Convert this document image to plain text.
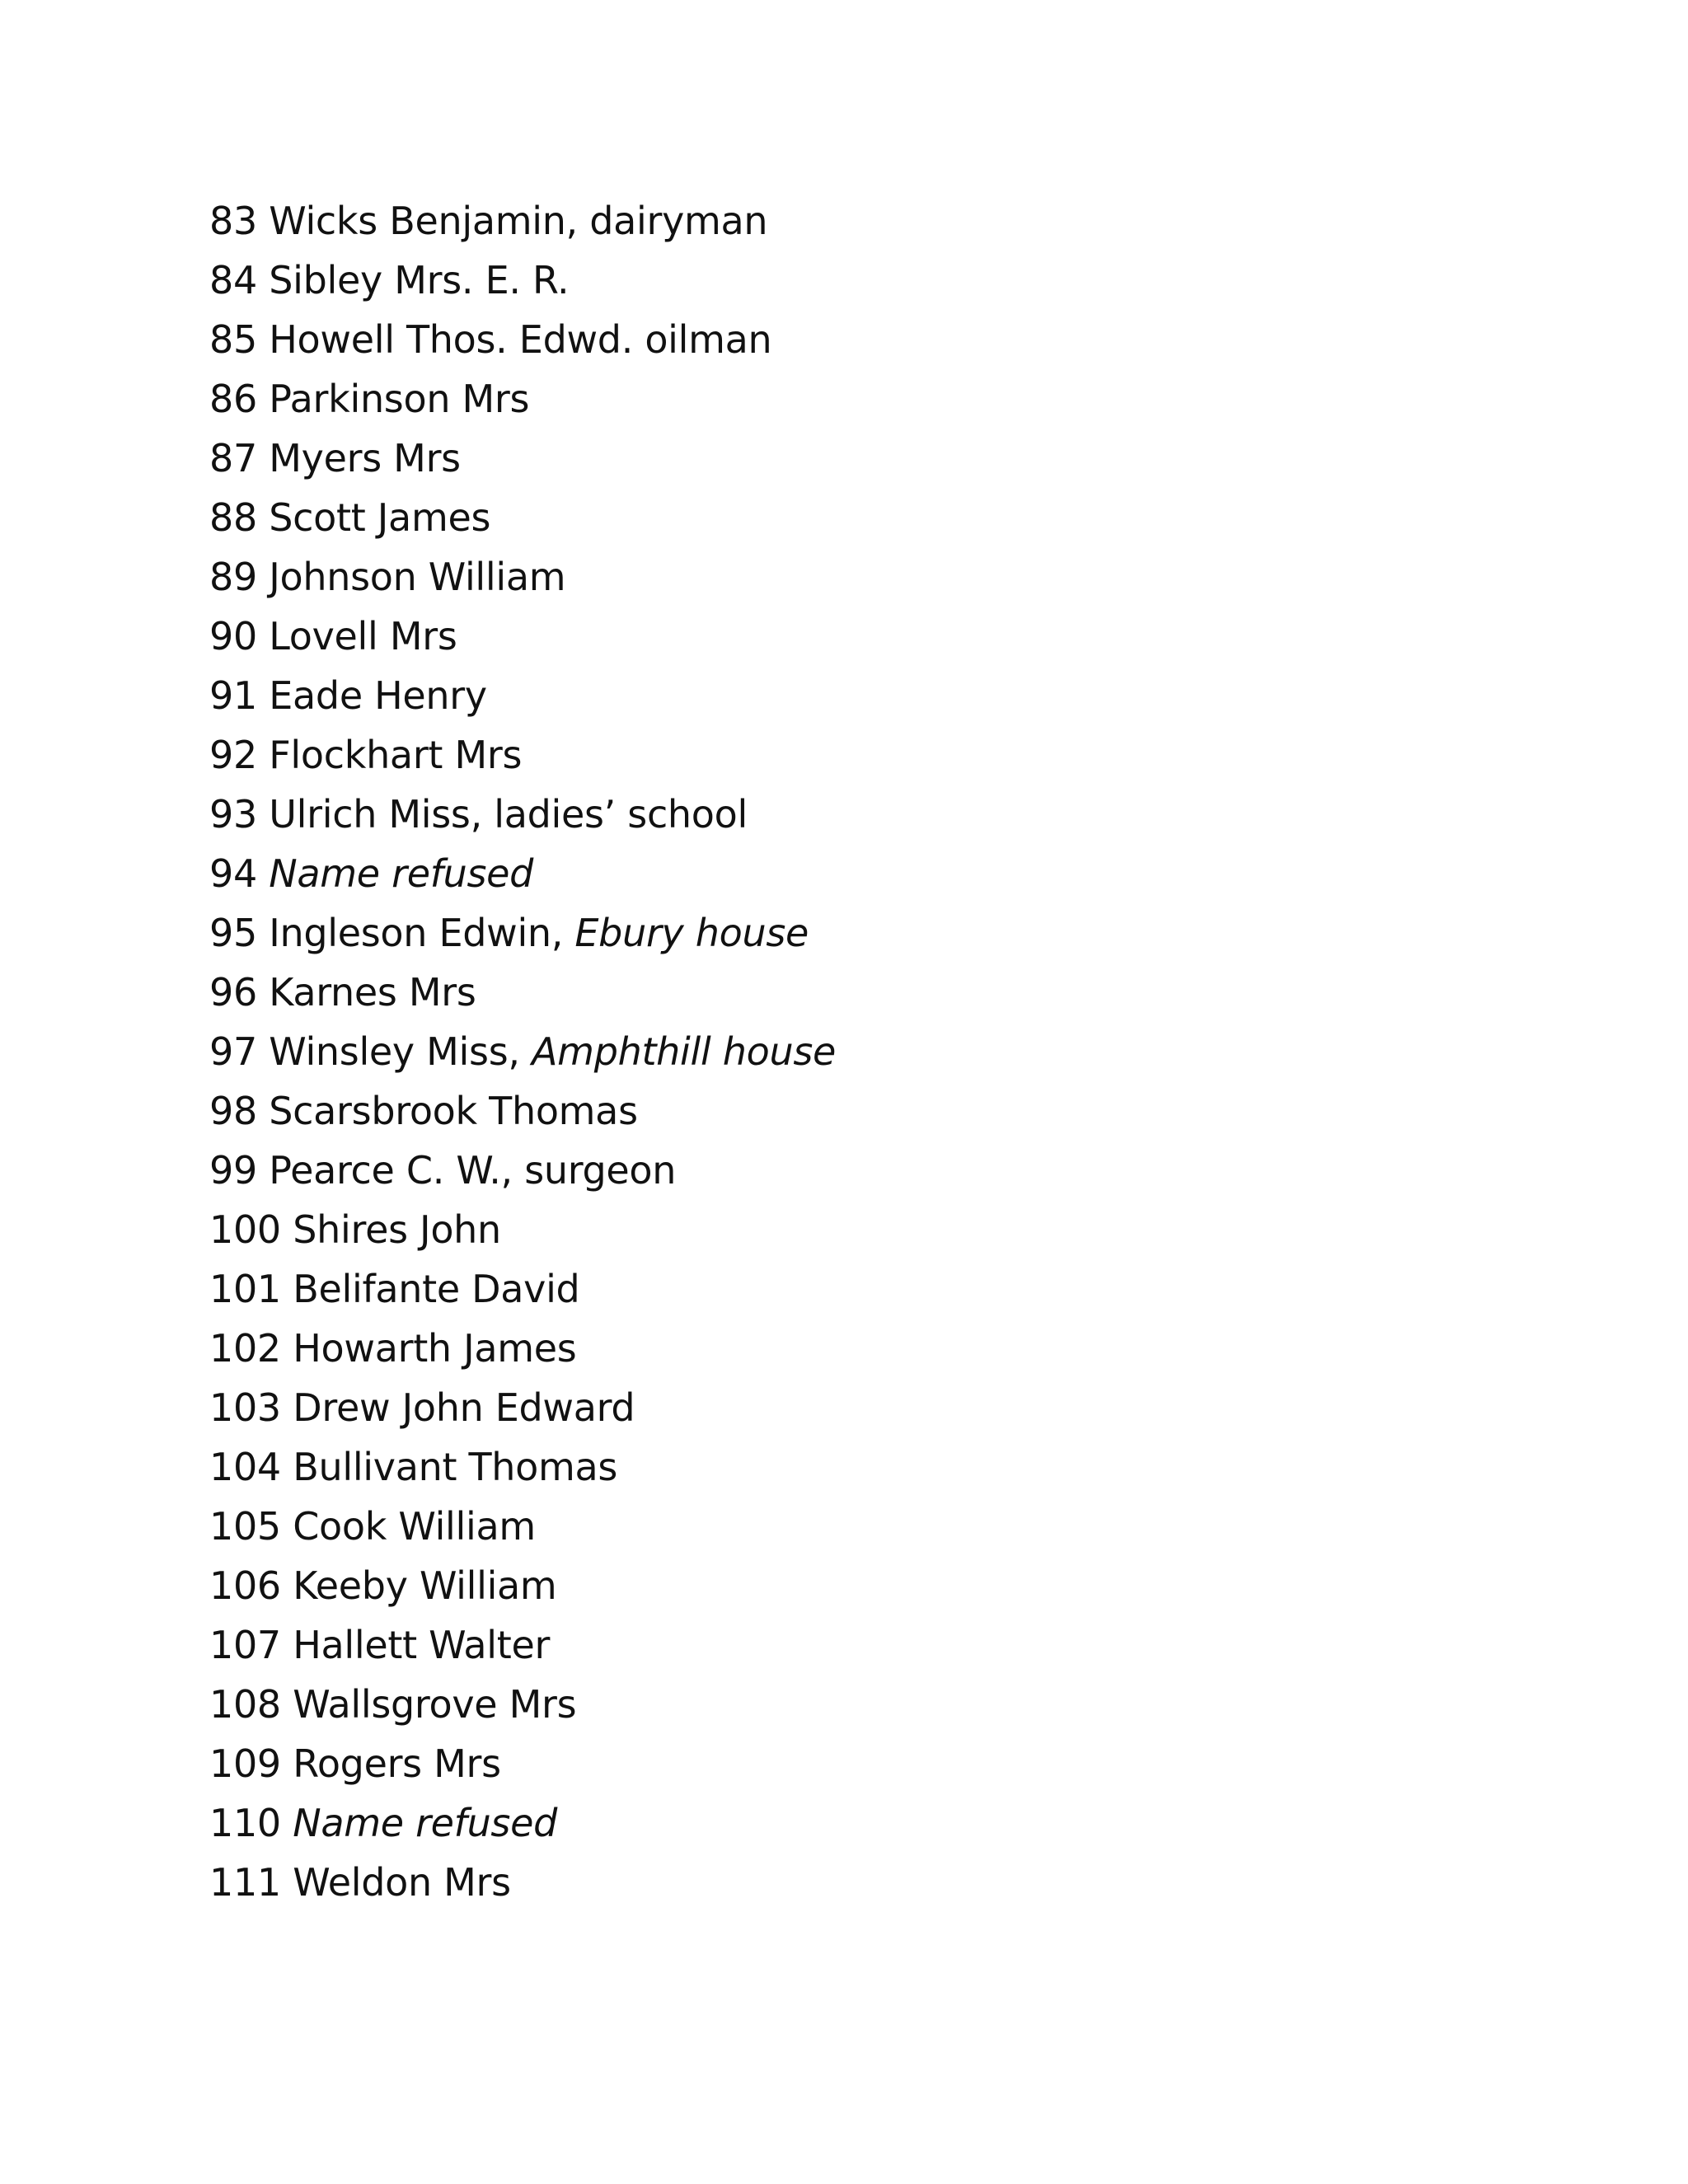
83 Wicks Benjamin, dairyman
84 Sibley Mrs. E. R.
85 Howell Thos. Edwd. oilman
86 Parkinson Mrs
87 Myers Mrs
88 Scott James
89 Johnson William
90 Lovell Mrs
91 Eade Henry
92 Flockhart Mrs
93 Ulrich Miss, ladies’ school
94 Name refused
95 Ingleson Edwin, Ebury house
96 Karnes Mrs
97 Winsley Miss, Amphthill house
98 Scarsbrook Thomas
99 Pearce C. W., surgeon
100 Shires John
101 Belifante David
102 Howarth James
103 Drew John Edward
104 Bullivant Thomas
105 Cook William
106 Keeby William
107 Hallett Walter
108 Wallsgrove Mrs
109 Rogers Mrs
110 Name refused
111 Weldon Mrs
